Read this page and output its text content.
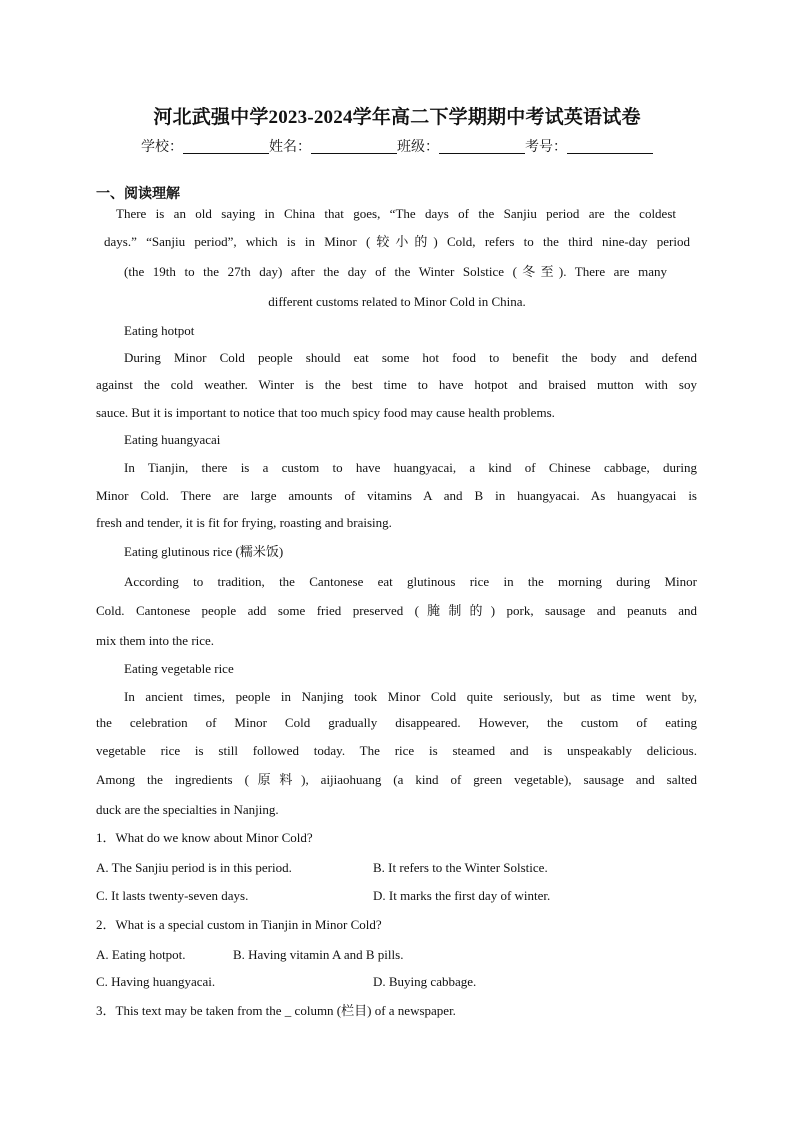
河北武强中学2023-2024学年高二下学期期中考试英语试卷
学校：	姓名：	班级：	考号：
一、阅读理解
There is an old saying in China that goes, “The days of the Sanjiu period are the coldest
days.” “Sanjiu period”, which is in Minor (较小的) Cold, refers to the third nine-day period
(the 19th to the 27th day) after the day of the Winter Solstice (冬至). There are many
different customs related to Minor Cold in China.
Eating hotpot
During Minor Cold people should eat some hot food to benefit the body and defend
against the cold weather. Winter is the best time to have hotpot and braised mutton with soy
sauce. But it is important to notice that too much spicy food may cause health problems.
Eating huangyacai
In Tianjin, there is a custom to have huangyacai, a kind of Chinese cabbage, during
Minor Cold. There are large amounts of vitamins A and B in huangyacai. As huangyacai is
fresh and tender, it is fit for frying, roasting and braising.
Eating glutinous rice (糯米饭)
According to tradition, the Cantonese eat glutinous rice in the morning during Minor
Cold. Cantonese people add some fried preserved (腌制的) pork, sausage and peanuts and
mix them into the rice.
Eating vegetable rice
In ancient times, people in Nanjing took Minor Cold quite seriously, but as time went by,
the celebration of Minor Cold gradually disappeared. However, the custom of eating
vegetable rice is still followed today. The rice is steamed and is unspeakably delicious.
Among the ingredients (原料), aijiaohuang (a kind of green vegetable), sausage and salted
duck are the specialties in Nanjing.
1．What do we know about Minor Cold?
A. The Sanjiu period is in this period.	B. It refers to the Winter Solstice.
C. It lasts twenty-seven days.	D. It marks the first day of winter.
2．What is a special custom in Tianjin in Minor Cold?
A. Eating hotpot.	B. Having vitamin A and B pills.
C. Having huangyacai.	D. Buying cabbage.
3．This text may be taken from the _ column (栏目) of a newspaper.
